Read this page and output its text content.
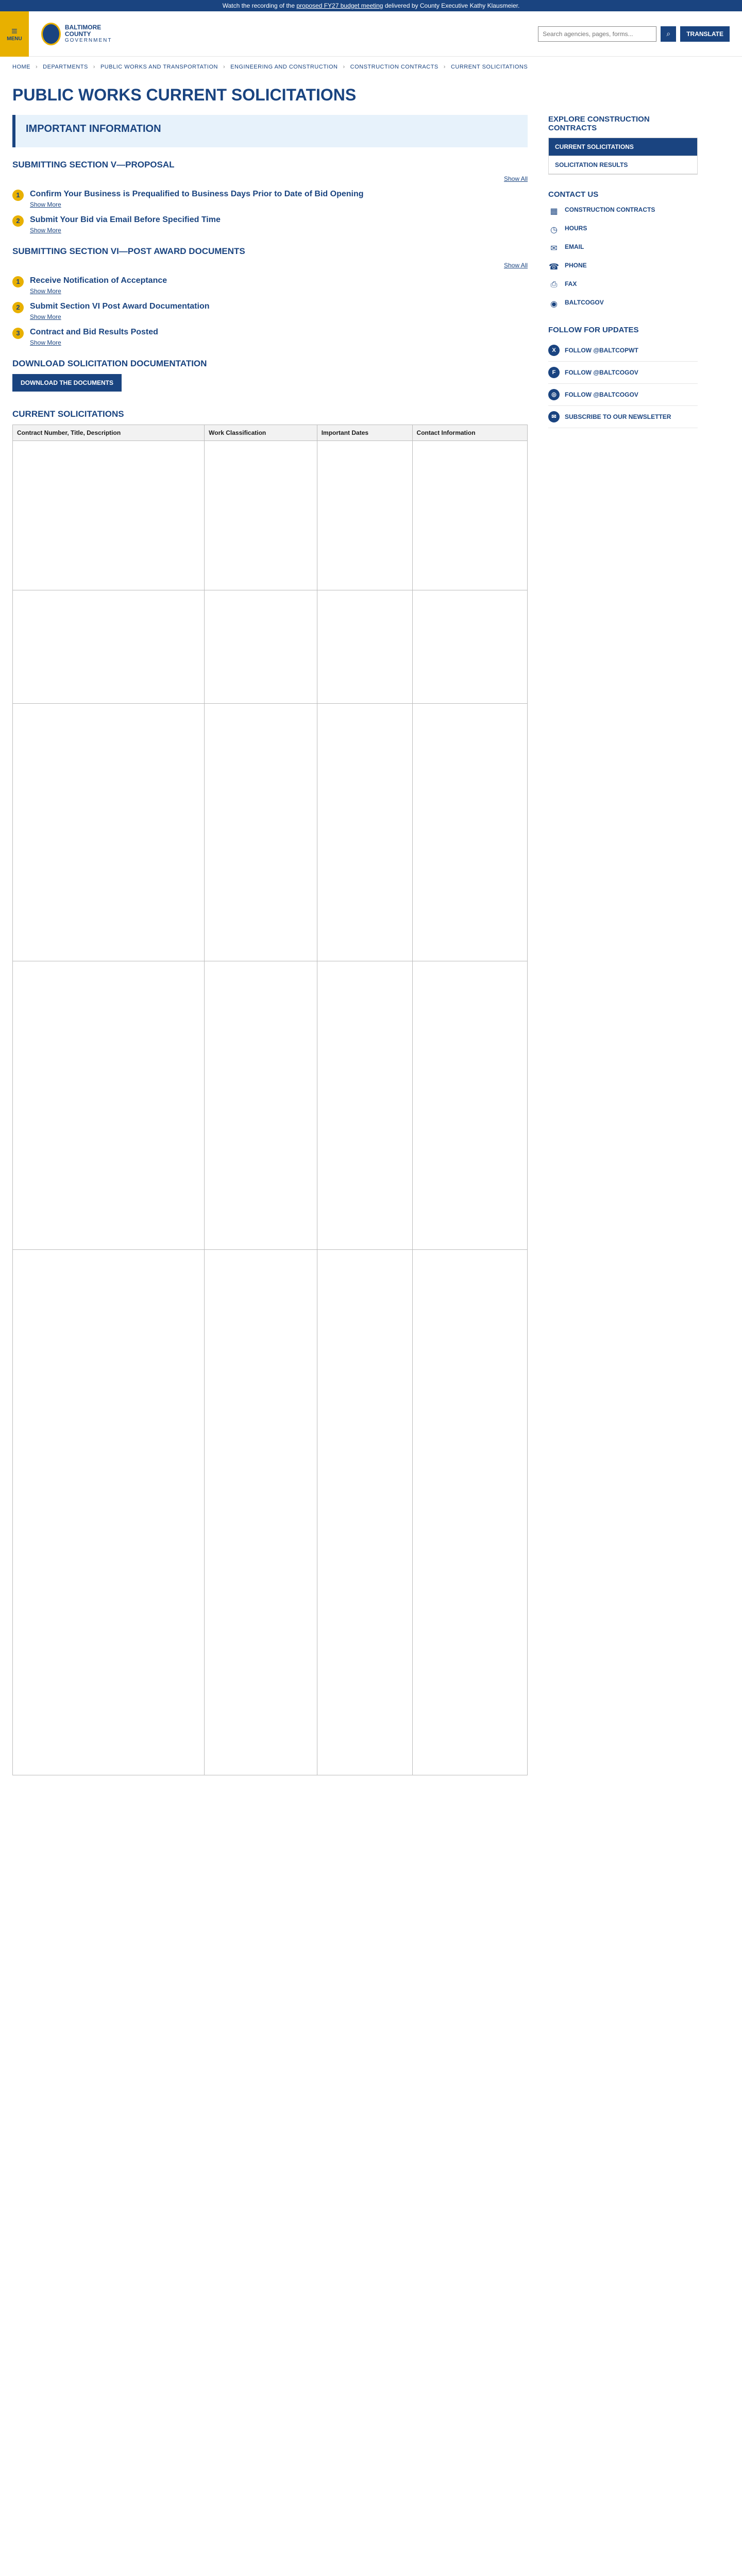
Watch the recording of the proposed FY27 budget meeting delivered by County Executive Kathy Klausmeier.
≡
MENU
BALTIMORE COUNTY
GOVERNMENT
Search agencies, pages, forms...
⌕	TRANSLATE
HOME › DEPARTMENTS › PUBLIC WORKS AND TRANSPORTATION › ENGINEERING AND CONSTRUCTION › CONSTRUCTION CONTRACTS › CURRENT SOLICITATIONS
PUBLIC WORKS CURRENT SOLICITATIONS
IMPORTANT INFORMATION
SUBMITTING SECTION V—PROPOSAL
Show All
1	Confirm Your Business is Prequalified to Business Days Prior to Date of Bid Opening
Show More
2	Submit Your Bid via Email Before Specified Time
Show More
SUBMITTING SECTION VI—POST AWARD DOCUMENTS
Show All
1	Receive Notification of Acceptance
Show More
2	Submit Section VI Post Award Documentation
Show More
3	Contract and Bid Results Posted
Show More
DOWNLOAD SOLICITATION DOCUMENTATION
DOWNLOAD THE DOCUMENTS
CURRENT SOLICITATIONS
Contract Number, Title, Description	Work Classification	Important Dates	Contact Information

EXPLORE CONSTRUCTION CONTRACTS
CURRENT SOLICITATIONS
SOLICITATION RESULTS
CONTACT US
▦ CONSTRUCTION CONTRACTS
◷	HOURS
✉	EMAIL
☎ PHONE
⎙	FAX
◉	BALTCOGOV
FOLLOW FOR UPDATES
X	FOLLOW @BALTCOPWT
F	FOLLOW @BALTCOGOV
◎	FOLLOW @BALTCOGOV
✉	SUBSCRIBE TO OUR NEWSLETTER
